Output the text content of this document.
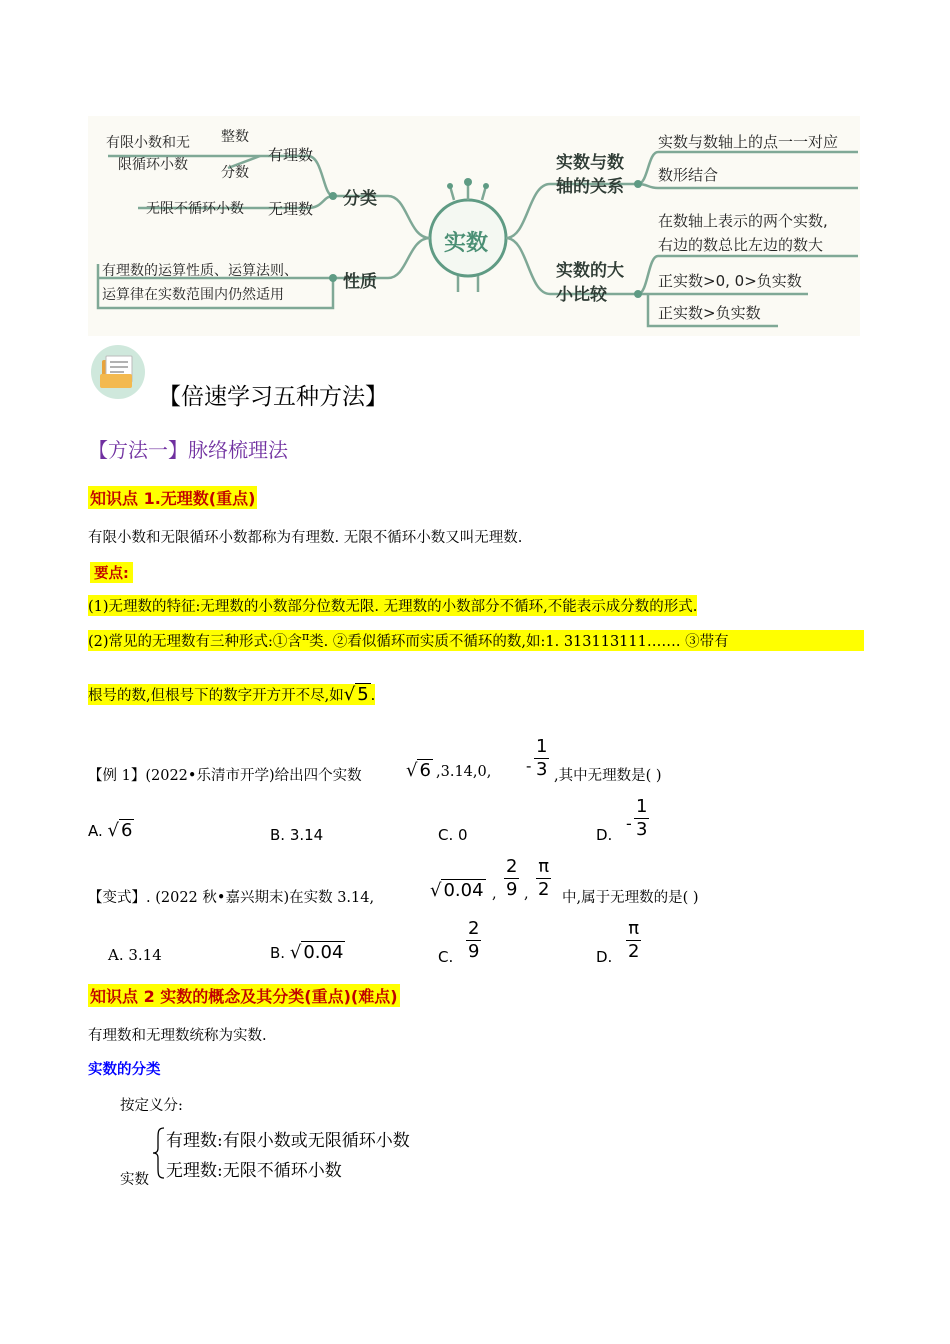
实数
分类
性质
有理数
无理数
整数
分数
有限小数和无
限循环小数
无限不循环小数
有理数的运算性质、运算法则、
运算律在实数范围内仍然适用
实数与数
轴的关系
实数的大
小比较
实数与数轴上的点一一对应
数形结合
在数轴上表示的两个实数,
右边的数总比左边的数大
正实数>0, 0>负实数
正实数>负实数
【倍速学习五种方法】
【方法一】脉络梳理法
知识点 1.无理数(重点)
有限小数和无限循环小数都称为有理数. 无限不循环小数又叫无理数.
要点:
(1)无理数的特征:无理数的小数部分位数无限. 无理数的小数部分不循环,不能表示成分数的形式.
(2)常见的无理数有三种形式:①含$^\pi$类. ②看似循环而实质不循环的数,如:1. 313113111……. ③带有
根号的数,但根号下的数字开方开不尽,如√ 5 .
【例 1】(2022•乐清市开学)给出四个实数 √ 6 ,3.14,0, -
1
3 ,其中无理数是( )
A. √ 6	B. 3.14	C. 0	D.
-
1
3
【变式】. (2022 秋•嘉兴期末)在实数 3.14,	√ 0.04 ,
2
9 ,
π
2 中,属于无理数的是( )
A. 3.14	B. √ 0.04	C.
2
9	D.
π
2
知识点 2 实数的概念及其分类(重点)(难点)
有理数和无理数统称为实数.
实数的分类
按定义分:
实数
有理数:有限小数或无限循环小数
无理数:无限不循环小数
